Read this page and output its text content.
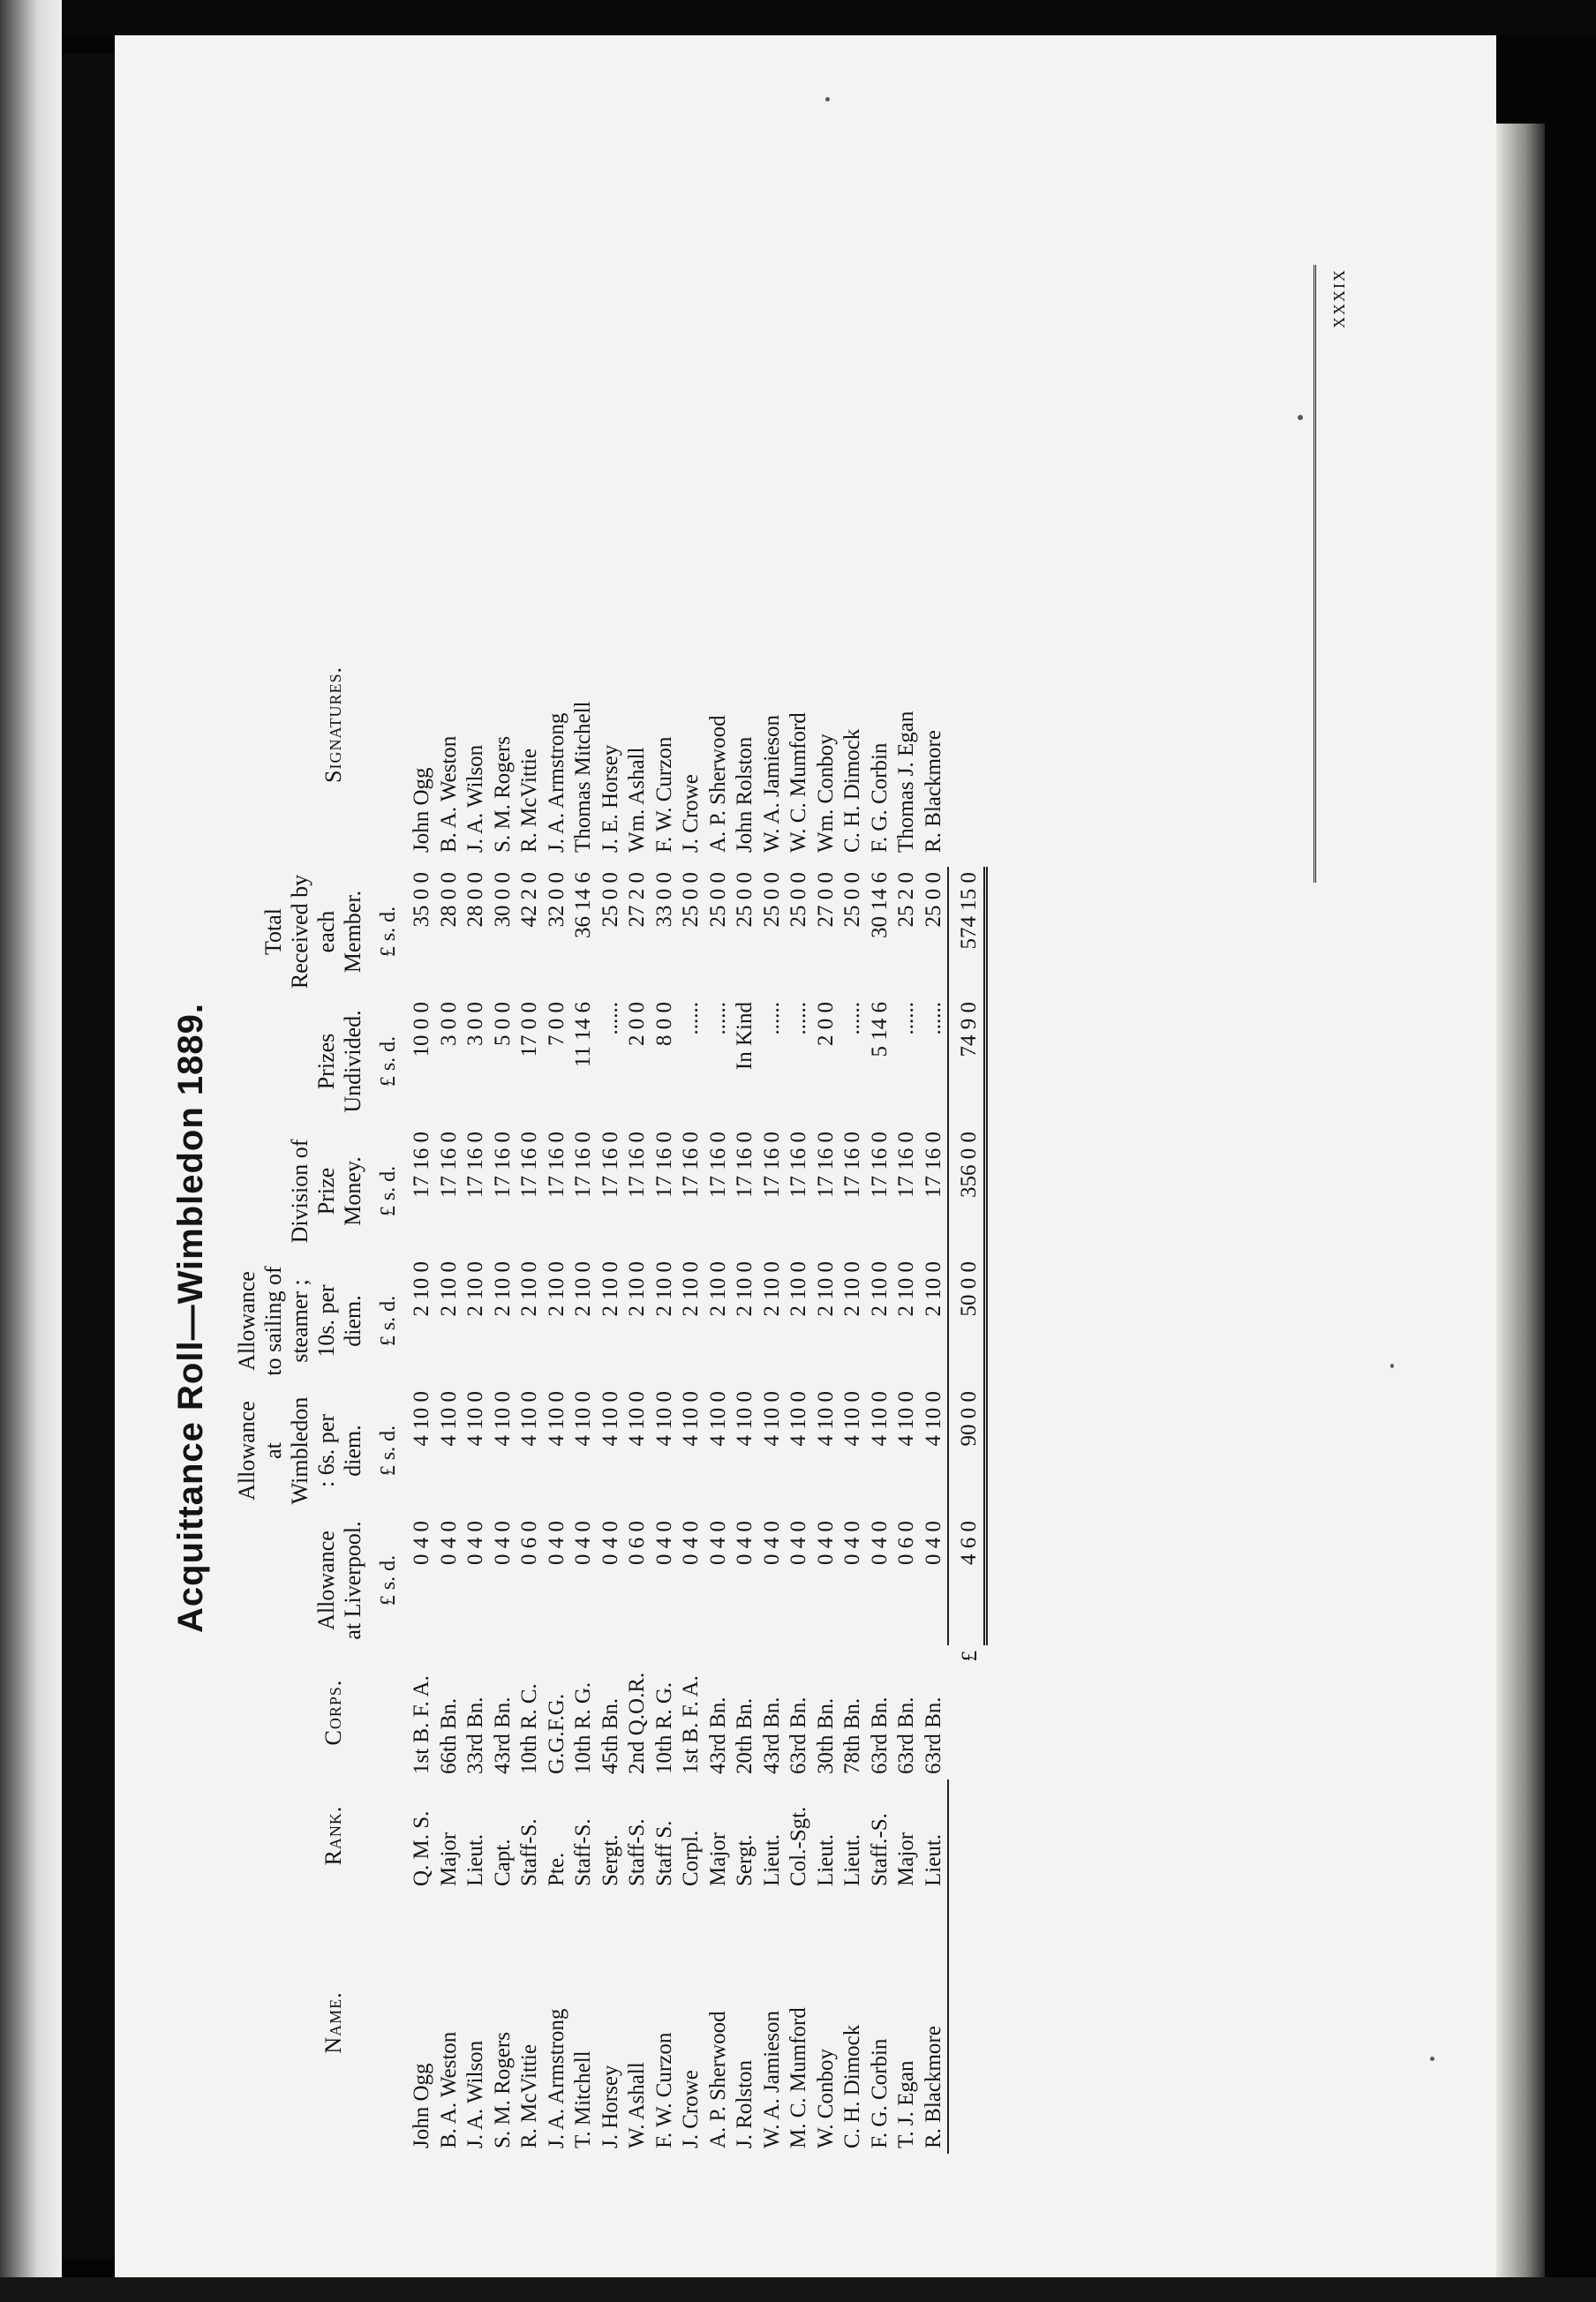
xxxix
Acquittance Roll—Wimbledon 1889.
Name.	Rank.	Corps.	Allowance at Liverpool. £ s. d.	Allowance at Wimbledon : 6s. per diem. £ s. d.	Allowance to sailing of steamer ; 10s. per diem. £ s. d.	Division of Prize Money. £ s. d.	Prizes Undivided. £ s. d.	Total Received by each Member. £ s. d.	Signatures.
John Ogg	Q. M. S.	1st B. F. A.	0 4 0	4 10 0	2 10 0	17 16 0	10 0 0	35 0 0	John Ogg
B. A. Weston	Major	66th Bn.	0 4 0	4 10 0	2 10 0	17 16 0	3 0 0	28 0 0	B. A. Weston
J. A. Wilson	Lieut.	33rd Bn.	0 4 0	4 10 0	2 10 0	17 16 0	3 0 0	28 0 0	J. A. Wilson
S. M. Rogers	Capt.	43rd Bn.	0 4 0	4 10 0	2 10 0	17 16 0	5 0 0	30 0 0	S. M. Rogers
R. McVittie	Staff-S.	10th R. C.	0 6 0	4 10 0	2 10 0	17 16 0	17 0 0	42 2 0	R. McVittie
J. A. Armstrong	Pte.	G.G.F.G.	0 4 0	4 10 0	2 10 0	17 16 0	7 0 0	32 0 0	J. A. Armstrong
T. Mitchell	Staff-S.	10th R. G.	0 4 0	4 10 0	2 10 0	17 16 0	11 14 6	36 14 6	Thomas Mitchell
J. Horsey	Sergt.	45th Bn.	0 4 0	4 10 0	2 10 0	17 16 0	......	25 0 0	J. E. Horsey
W. Ashall	Staff-S.	2nd Q.O.R.	0 6 0	4 10 0	2 10 0	17 16 0	2 0 0	27 2 0	Wm. Ashall
F. W. Curzon	Staff S.	10th R. G.	0 4 0	4 10 0	2 10 0	17 16 0	8 0 0	33 0 0	F. W. Curzon
J. Crowe	Corpl.	1st B. F. A.	0 4 0	4 10 0	2 10 0	17 16 0	......	25 0 0	J. Crowe
A. P. Sherwood	Major	43rd Bn.	0 4 0	4 10 0	2 10 0	17 16 0	......	25 0 0	A. P. Sherwood
J. Rolston	Sergt.	20th Bn.	0 4 0	4 10 0	2 10 0	17 16 0	In Kind	25 0 0	John Rolston
W. A. Jamieson	Lieut.	43rd Bn.	0 4 0	4 10 0	2 10 0	17 16 0	......	25 0 0	W. A. Jamieson
M. C. Mumford	Col.-Sgt.	63rd Bn.	0 4 0	4 10 0	2 10 0	17 16 0	......	25 0 0	W. C. Mumford
W. Conboy	Lieut.	30th Bn.	0 4 0	4 10 0	2 10 0	17 16 0	2 0 0	27 0 0	Wm. Conboy
C. H. Dimock	Lieut.	78th Bn.	0 4 0	4 10 0	2 10 0	17 16 0	......	25 0 0	C. H. Dimock
F. G. Corbin	Staff.-S.	63rd Bn.	0 4 0	4 10 0	2 10 0	17 16 0	5 14 6	30 14 6	F. G. Corbin
T. J. Egan	Major	63rd Bn.	0 6 0	4 10 0	2 10 0	17 16 0	......	25 2 0	Thomas J. Egan
R. Blackmore	Lieut.	63rd Bn.	0 4 0	4 10 0	2 10 0	17 16 0	......	25 0 0	R. Blackmore
		£	4 6 0	90 0 0	50 0 0	356 0 0	74 9 0	574 15 0	
